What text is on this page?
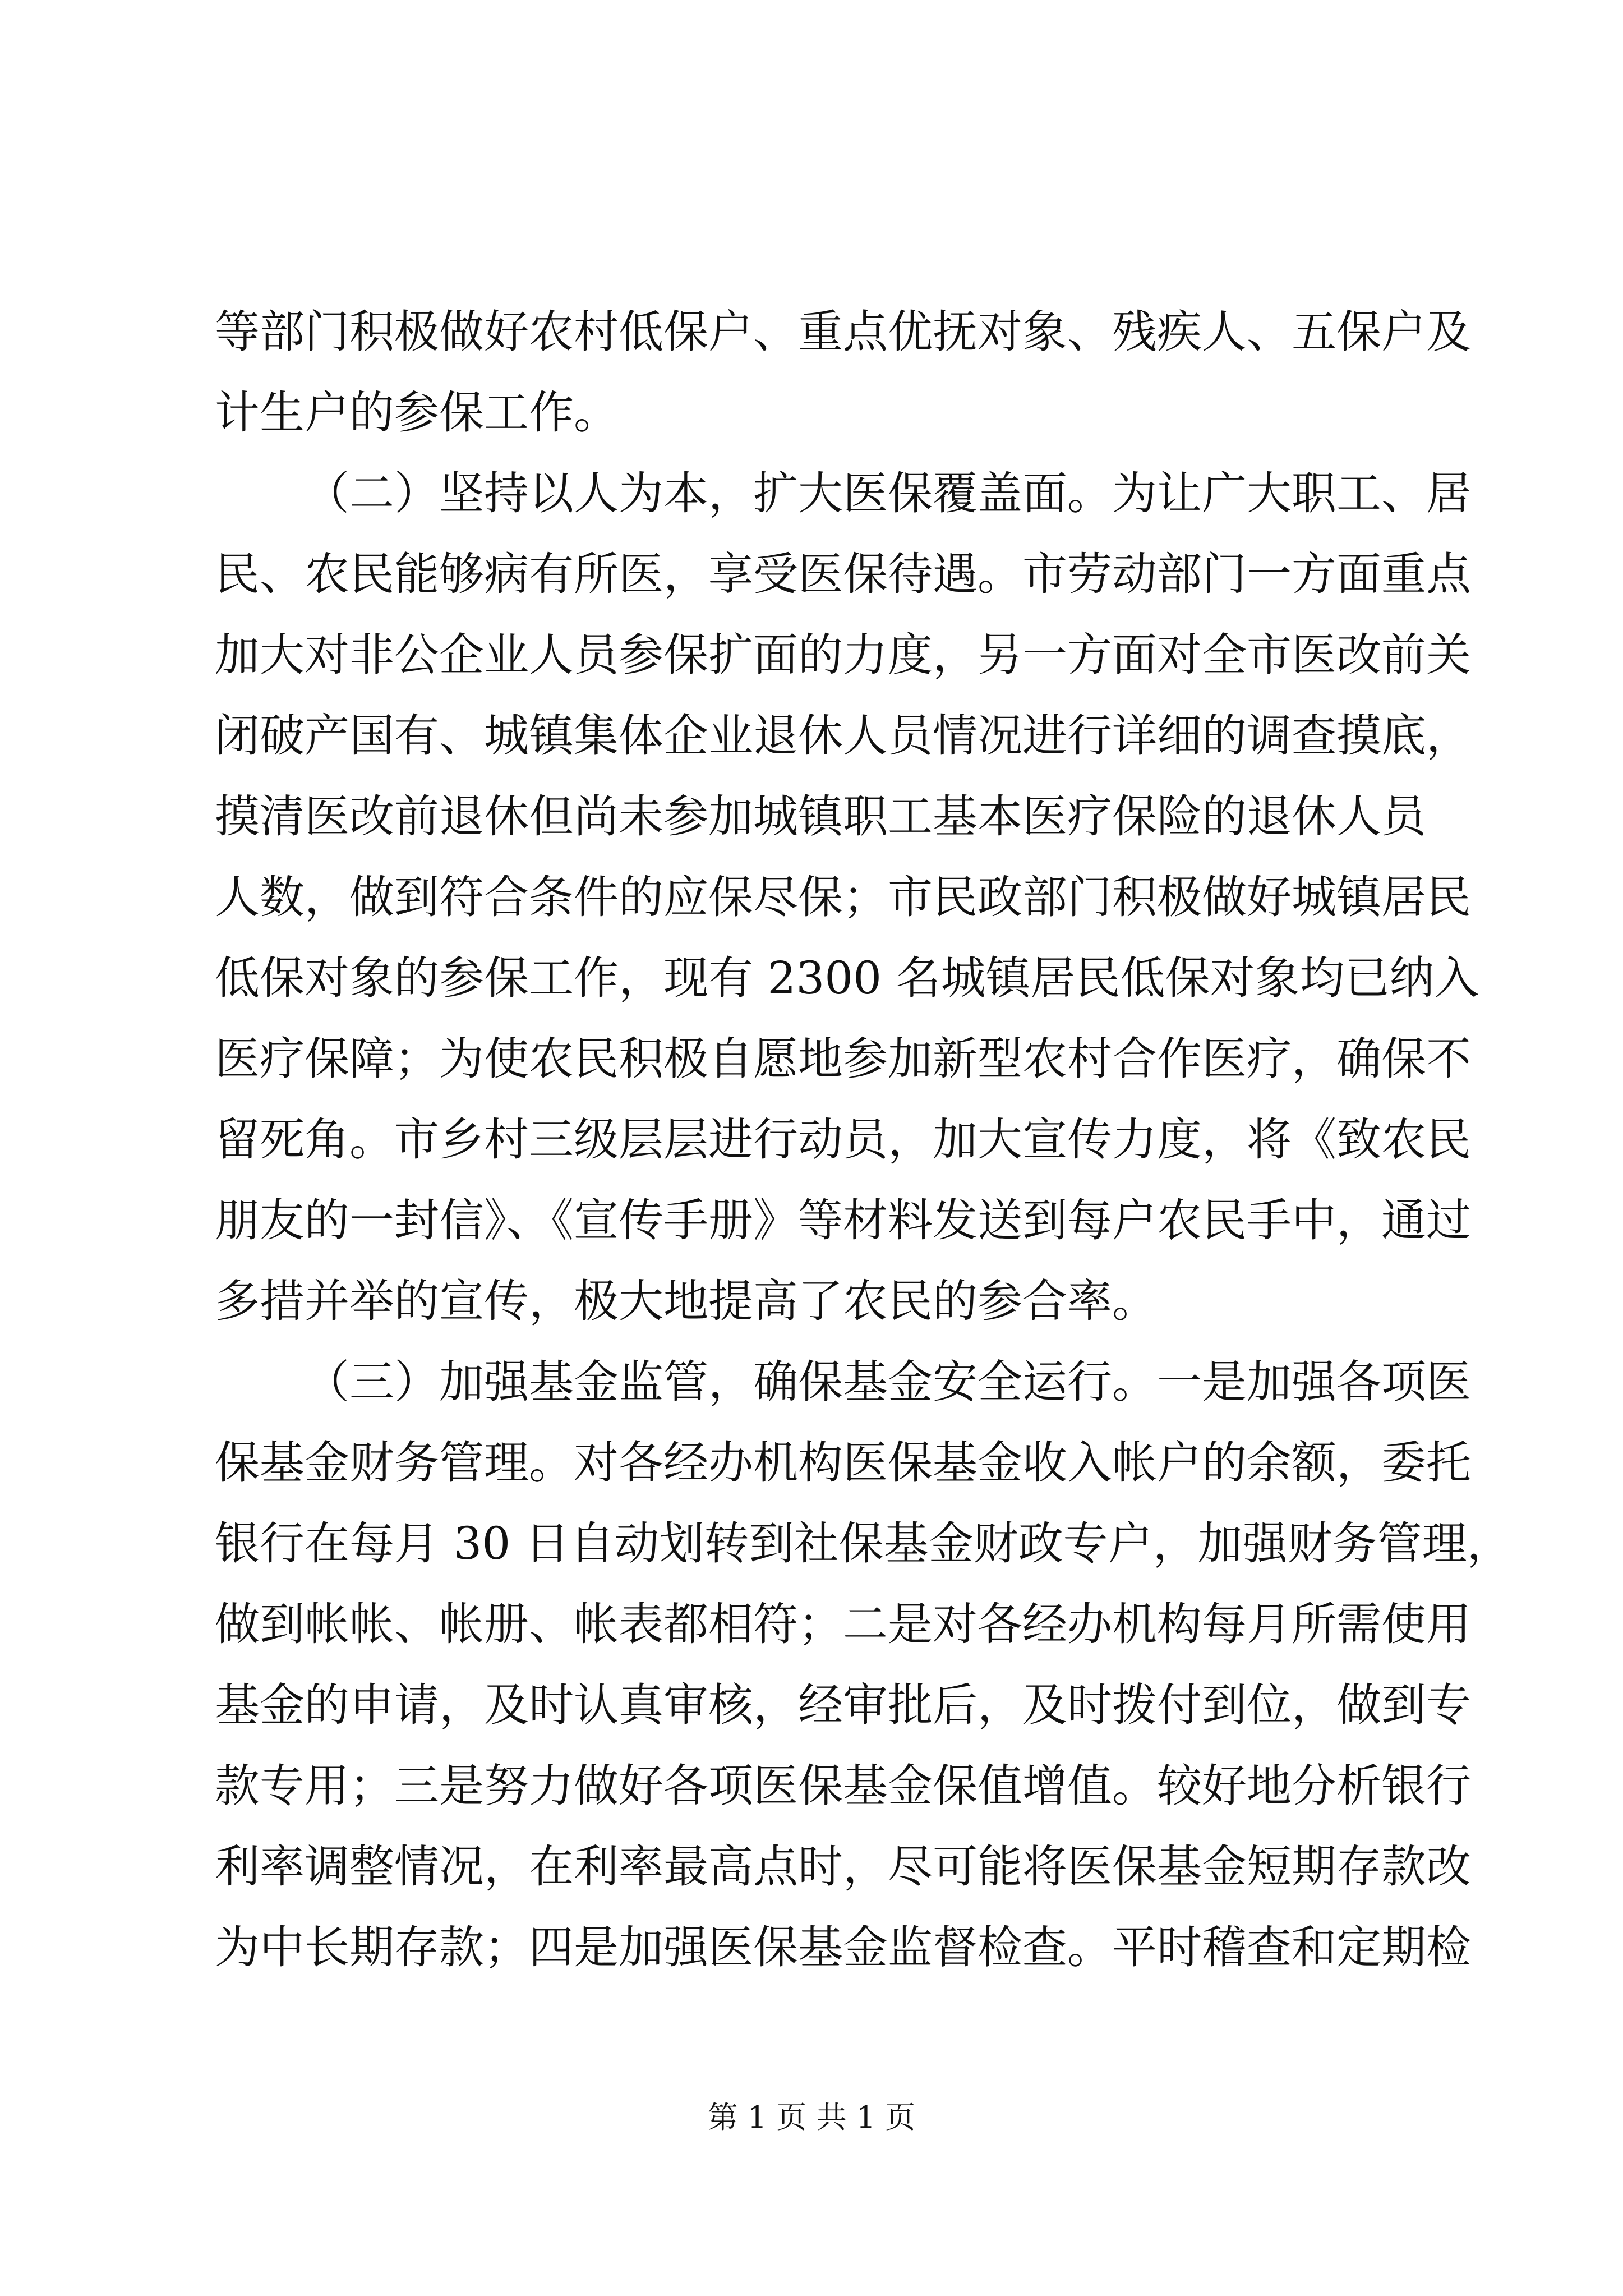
等部门积极做好农村低保户、重点优抚对象、残疾人、五保户及
计生户的参保工作。
（二）坚持以人为本，扩大医保覆盖面。为让广大职工、居
民、农民能够病有所医，享受医保待遇。市劳动部门一方面重点
加大对非公企业人员参保扩面的力度，另一方面对全市医改前关
闭破产国有、城镇集体企业退休人员情况进行详细的调查摸底，
摸清医改前退休但尚未参加城镇职工基本医疗保险的退休人员
人数，做到符合条件的应保尽保；市民政部门积极做好城镇居民
低保对象的参保工作，现有 2300 名城镇居民低保对象均已纳入
医疗保障；为使农民积极自愿地参加新型农村合作医疗，确保不
留死角。市乡村三级层层进行动员，加大宣传力度，将《致农民
朋友的一封信》、《宣传手册》等材料发送到每户农民手中，通过
多措并举的宣传，极大地提高了农民的参合率。
（三）加强基金监管，确保基金安全运行。一是加强各项医
保基金财务管理。对各经办机构医保基金收入帐户的余额，委托
银行在每月 30 日自动划转到社保基金财政专户，加强财务管理，
做到帐帐、帐册、帐表都相符；二是对各经办机构每月所需使用
基金的申请，及时认真审核，经审批后，及时拨付到位，做到专
款专用；三是努力做好各项医保基金保值增值。较好地分析银行
利率调整情况，在利率最高点时，尽可能将医保基金短期存款改
为中长期存款；四是加强医保基金监督检查。平时稽查和定期检
第 1 页 共 1 页
